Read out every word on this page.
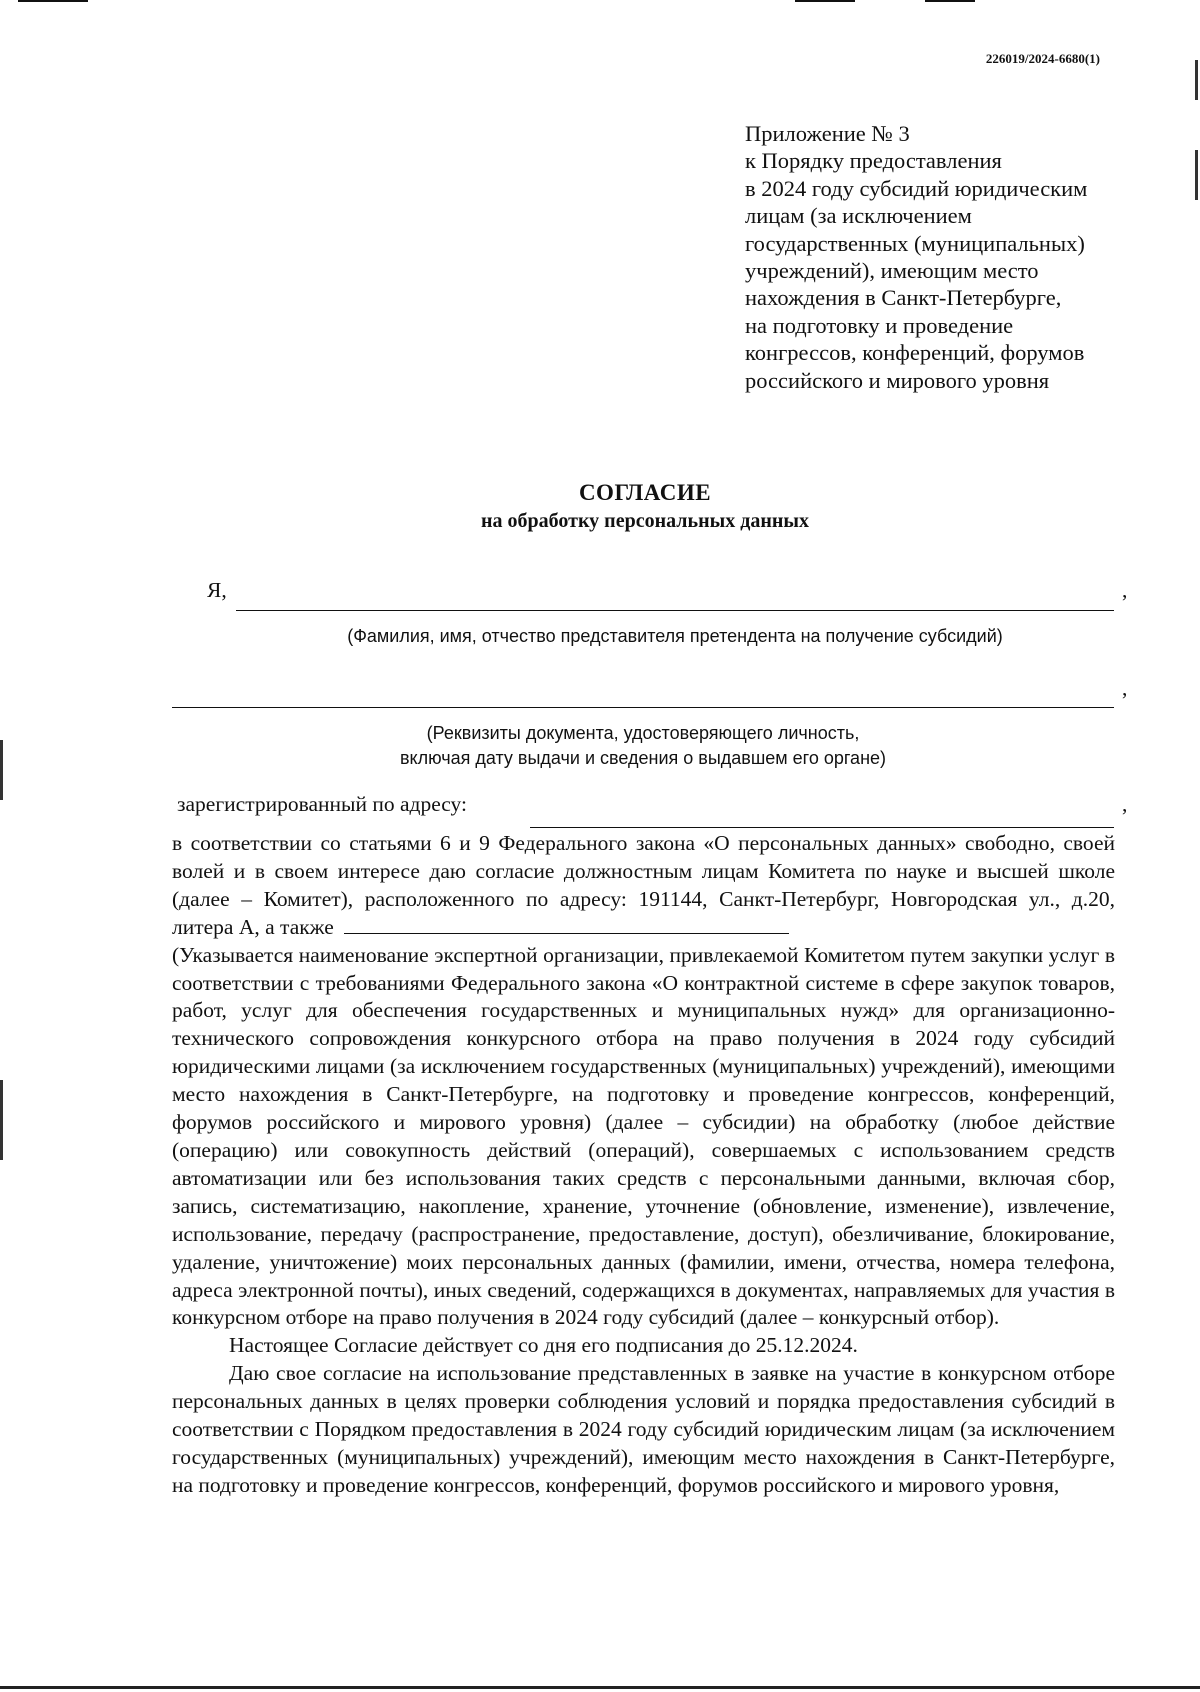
226019/2024-6680(1)
Приложение № 3
к Порядку предоставления
в 2024 году субсидий юридическим
лицам (за исключением
государственных (муниципальных)
учреждений), имеющим место
нахождения в Санкт-Петербурге,
на подготовку и проведение
конгрессов, конференций, форумов
российского и мирового уровня
СОГЛАСИЕ
на обработку персональных данных
Я,	,
(Фамилия, имя, отчество представителя претендента на получение субсидий)
,
(Реквизиты документа, удостоверяющего личность,
включая дату выдачи и сведения о выдавшем его органе)
зарегистрированный по адресу:	,

в соответствии со статьями 6 и 9 Федерального закона «О персональных данных» свободно, своей волей и в своем интересе даю согласие должностным лицам Комитета по науке и высшей школе (далее – Комитет), расположенного по адресу: 191144, Санкт-Петербург, Новгородская ул., д.20, литера А, а также

(Указывается наименование экспертной организации, привлекаемой Комитетом путем закупки услуг в соответствии с требованиями Федерального закона «О контрактной системе в сфере закупок товаров, работ, услуг для обеспечения государственных и муниципальных нужд» для организационно-технического сопровождения конкурсного отбора на право получения в 2024 году субсидий юридическими лицами (за исключением государственных (муниципальных) учреждений), имеющими место нахождения в Санкт-Петербурге, на подготовку и проведение конгрессов, конференций, форумов российского и мирового уровня) (далее – субсидии) на обработку (любое действие (операцию) или совокупность действий (операций), совершаемых с использованием средств автоматизации или без использования таких средств с персональными данными, включая сбор, запись, систематизацию, накопление, хранение, уточнение (обновление, изменение), извлечение, использование, передачу (распространение, предоставление, доступ), обезличивание, блокирование, удаление, уничтожение) моих персональных данных (фамилии, имени, отчества, номера телефона, адреса электронной почты), иных сведений, содержащихся в документах, направляемых для участия в конкурсном отборе на право получения в 2024 году субсидий (далее – конкурсный отбор).

Настоящее Согласие действует со дня его подписания до 25.12.2024.

Даю свое согласие на использование представленных в заявке на участие в конкурсном отборе персональных данных в целях проверки соблюдения условий и порядка предоставления субсидий в соответствии с Порядком предоставления в 2024 году субсидий юридическим лицам (за исключением государственных (муниципальных) учреждений), имеющим место нахождения в Санкт-Петербурге, на подготовку и проведение конгрессов, конференций, форумов российского и мирового уровня,
